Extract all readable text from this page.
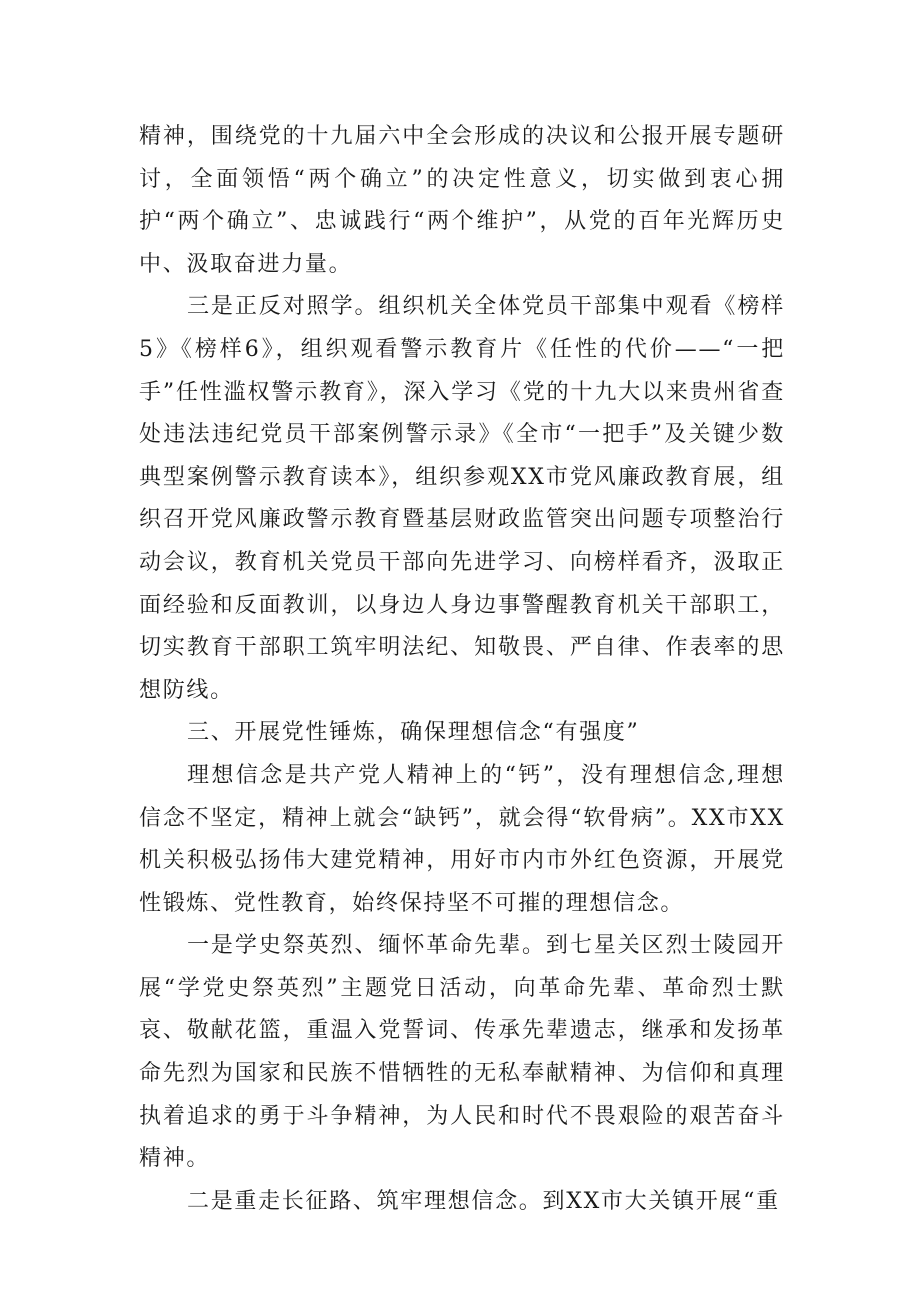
精神，围绕党的十九届六中全会形成的决议和公报开展专题研讨，全面领悟“两个确立”的决定性意义，切实做到衷心拥护“两个确立”、忠诚践行“两个维护”，从党的百年光辉历史中、汲取奋进力量。

三是正反对照学。组织机关全体党员干部集中观看《榜样5》《榜样6》，组织观看警示教育片《任性的代价——“一把手”任性滥权警示教育》，深入学习《党的十九大以来贵州省查处违法违纪党员干部案例警示录》《全市“一把手”及关键少数典型案例警示教育读本》，组织参观XX市党风廉政教育展，组织召开党风廉政警示教育暨基层财政监管突出问题专项整治行动会议，教育机关党员干部向先进学习、向榜样看齐，汲取正面经验和反面教训，以身边人身边事警醒教育机关干部职工，切实教育干部职工筑牢明法纪、知敬畏、严自律、作表率的思想防线。

三、开展党性锤炼，确保理想信念“有强度”

理想信念是共产党人精神上的“钙”，没有理想信念,理想信念不坚定，精神上就会“缺钙”，就会得“软骨病”。XX市XX机关积极弘扬伟大建党精神，用好市内市外红色资源，开展党性锻炼、党性教育，始终保持坚不可摧的理想信念。

一是学史祭英烈、缅怀革命先辈。到七星关区烈士陵园开展“学党史祭英烈”主题党日活动，向革命先辈、革命烈士默哀、敬献花篮，重温入党誓词、传承先辈遗志，继承和发扬革命先烈为国家和民族不惜牺牲的无私奉献精神、为信仰和真理执着追求的勇于斗争精神，为人民和时代不畏艰险的艰苦奋斗精神。

二是重走长征路、筑牢理想信念。到XX市大关镇开展“重
